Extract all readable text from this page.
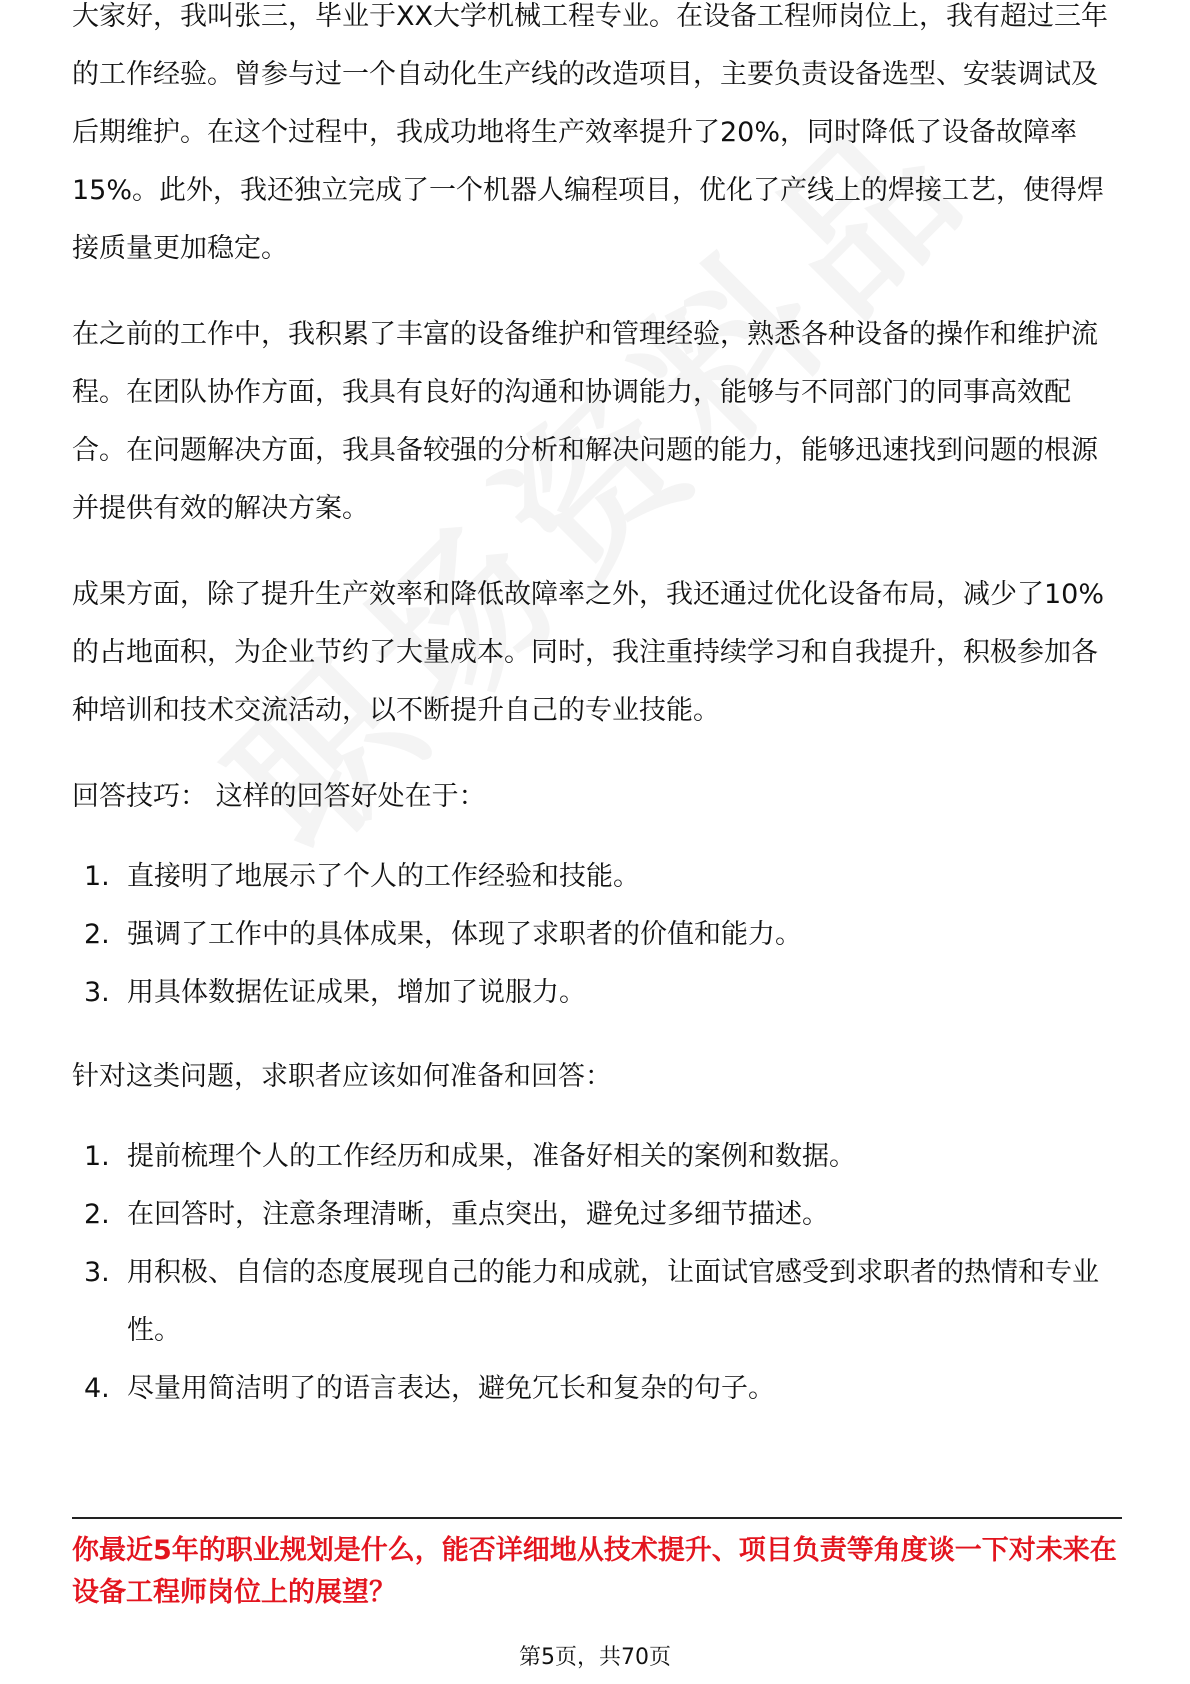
大家好，我叫张三，毕业于XX大学机械工程专业。在设备工程师岗位上，我有超过三年的工作经验。曾参与过一个自动化生产线的改造项目，主要负责设备选型、安装调试及后期维护。在这个过程中，我成功地将生产效率提升了20%，同时降低了设备故障率15%。此外，我还独立完成了一个机器人编程项目，优化了产线上的焊接工艺，使得焊接质量更加稳定。

在之前的工作中，我积累了丰富的设备维护和管理经验，熟悉各种设备的操作和维护流程。在团队协作方面，我具有良好的沟通和协调能力，能够与不同部门的同事高效配合。在问题解决方面，我具备较强的分析和解决问题的能力，能够迅速找到问题的根源并提供有效的解决方案。

成果方面，除了提升生产效率和降低故障率之外，我还通过优化设备布局，减少了10%的占地面积，为企业节约了大量成本。同时，我注重持续学习和自我提升，积极参加各种培训和技术交流活动，以不断提升自己的专业技能。

回答技巧： 这样的回答好处在于：
1. 直接明了地展示了个人的工作经验和技能。
2. 强调了工作中的具体成果，体现了求职者的价值和能力。
3. 用具体数据佐证成果，增加了说服力。
针对这类问题，求职者应该如何准备和回答：
1. 提前梳理个人的工作经历和成果，准备好相关的案例和数据。
2. 在回答时，注意条理清晰，重点突出，避免过多细节描述。
3. 用积极、自信的态度展现自己的能力和成就，让面试官感受到求职者的热情和专业性。
4. 尽量用简洁明了的语言表达，避免冗长和复杂的句子。
你最近5年的职业规划是什么，能否详细地从技术提升、项目负责等角度谈一下对未来在设备工程师岗位上的展望？
第5页，共70页
